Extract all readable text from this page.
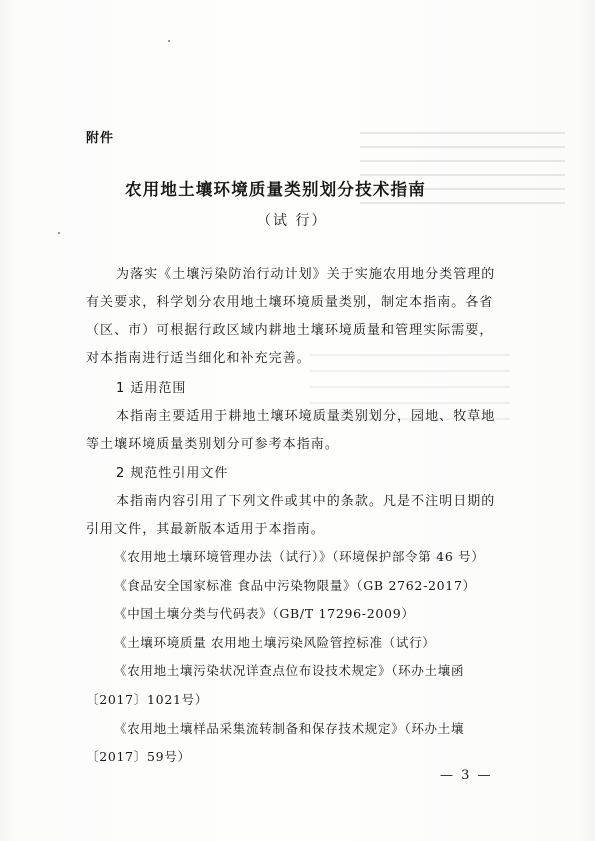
附件
农用地土壤环境质量类别划分技术指南
（试 行）
为落实《土壤污染防治行动计划》关于实施农用地分类管理的
有关要求，科学划分农用地土壤环境质量类别，制定本指南。各省
（区、市）可根据行政区域内耕地土壤环境质量和管理实际需要，
对本指南进行适当细化和补充完善。
1 适用范围
本指南主要适用于耕地土壤环境质量类别划分，园地、牧草地
等土壤环境质量类别划分可参考本指南。
2 规范性引用文件
本指南内容引用了下列文件或其中的条款。凡是不注明日期的
引用文件，其最新版本适用于本指南。
《农用地土壤环境管理办法（试行）》（环境保护部令第 46 号）
《食品安全国家标准 食品中污染物限量》（GB 2762-2017）
《中国土壤分类与代码表》（GB/T 17296-2009）
《土壤环境质量 农用地土壤污染风险管控标准（试行）
《农用地土壤污染状况详查点位布设技术规定》（环办土壤函
〔2017〕1021号）
《农用地土壤样品采集流转制备和保存技术规定》（环办土壤
〔2017〕59号）
— 3 —
